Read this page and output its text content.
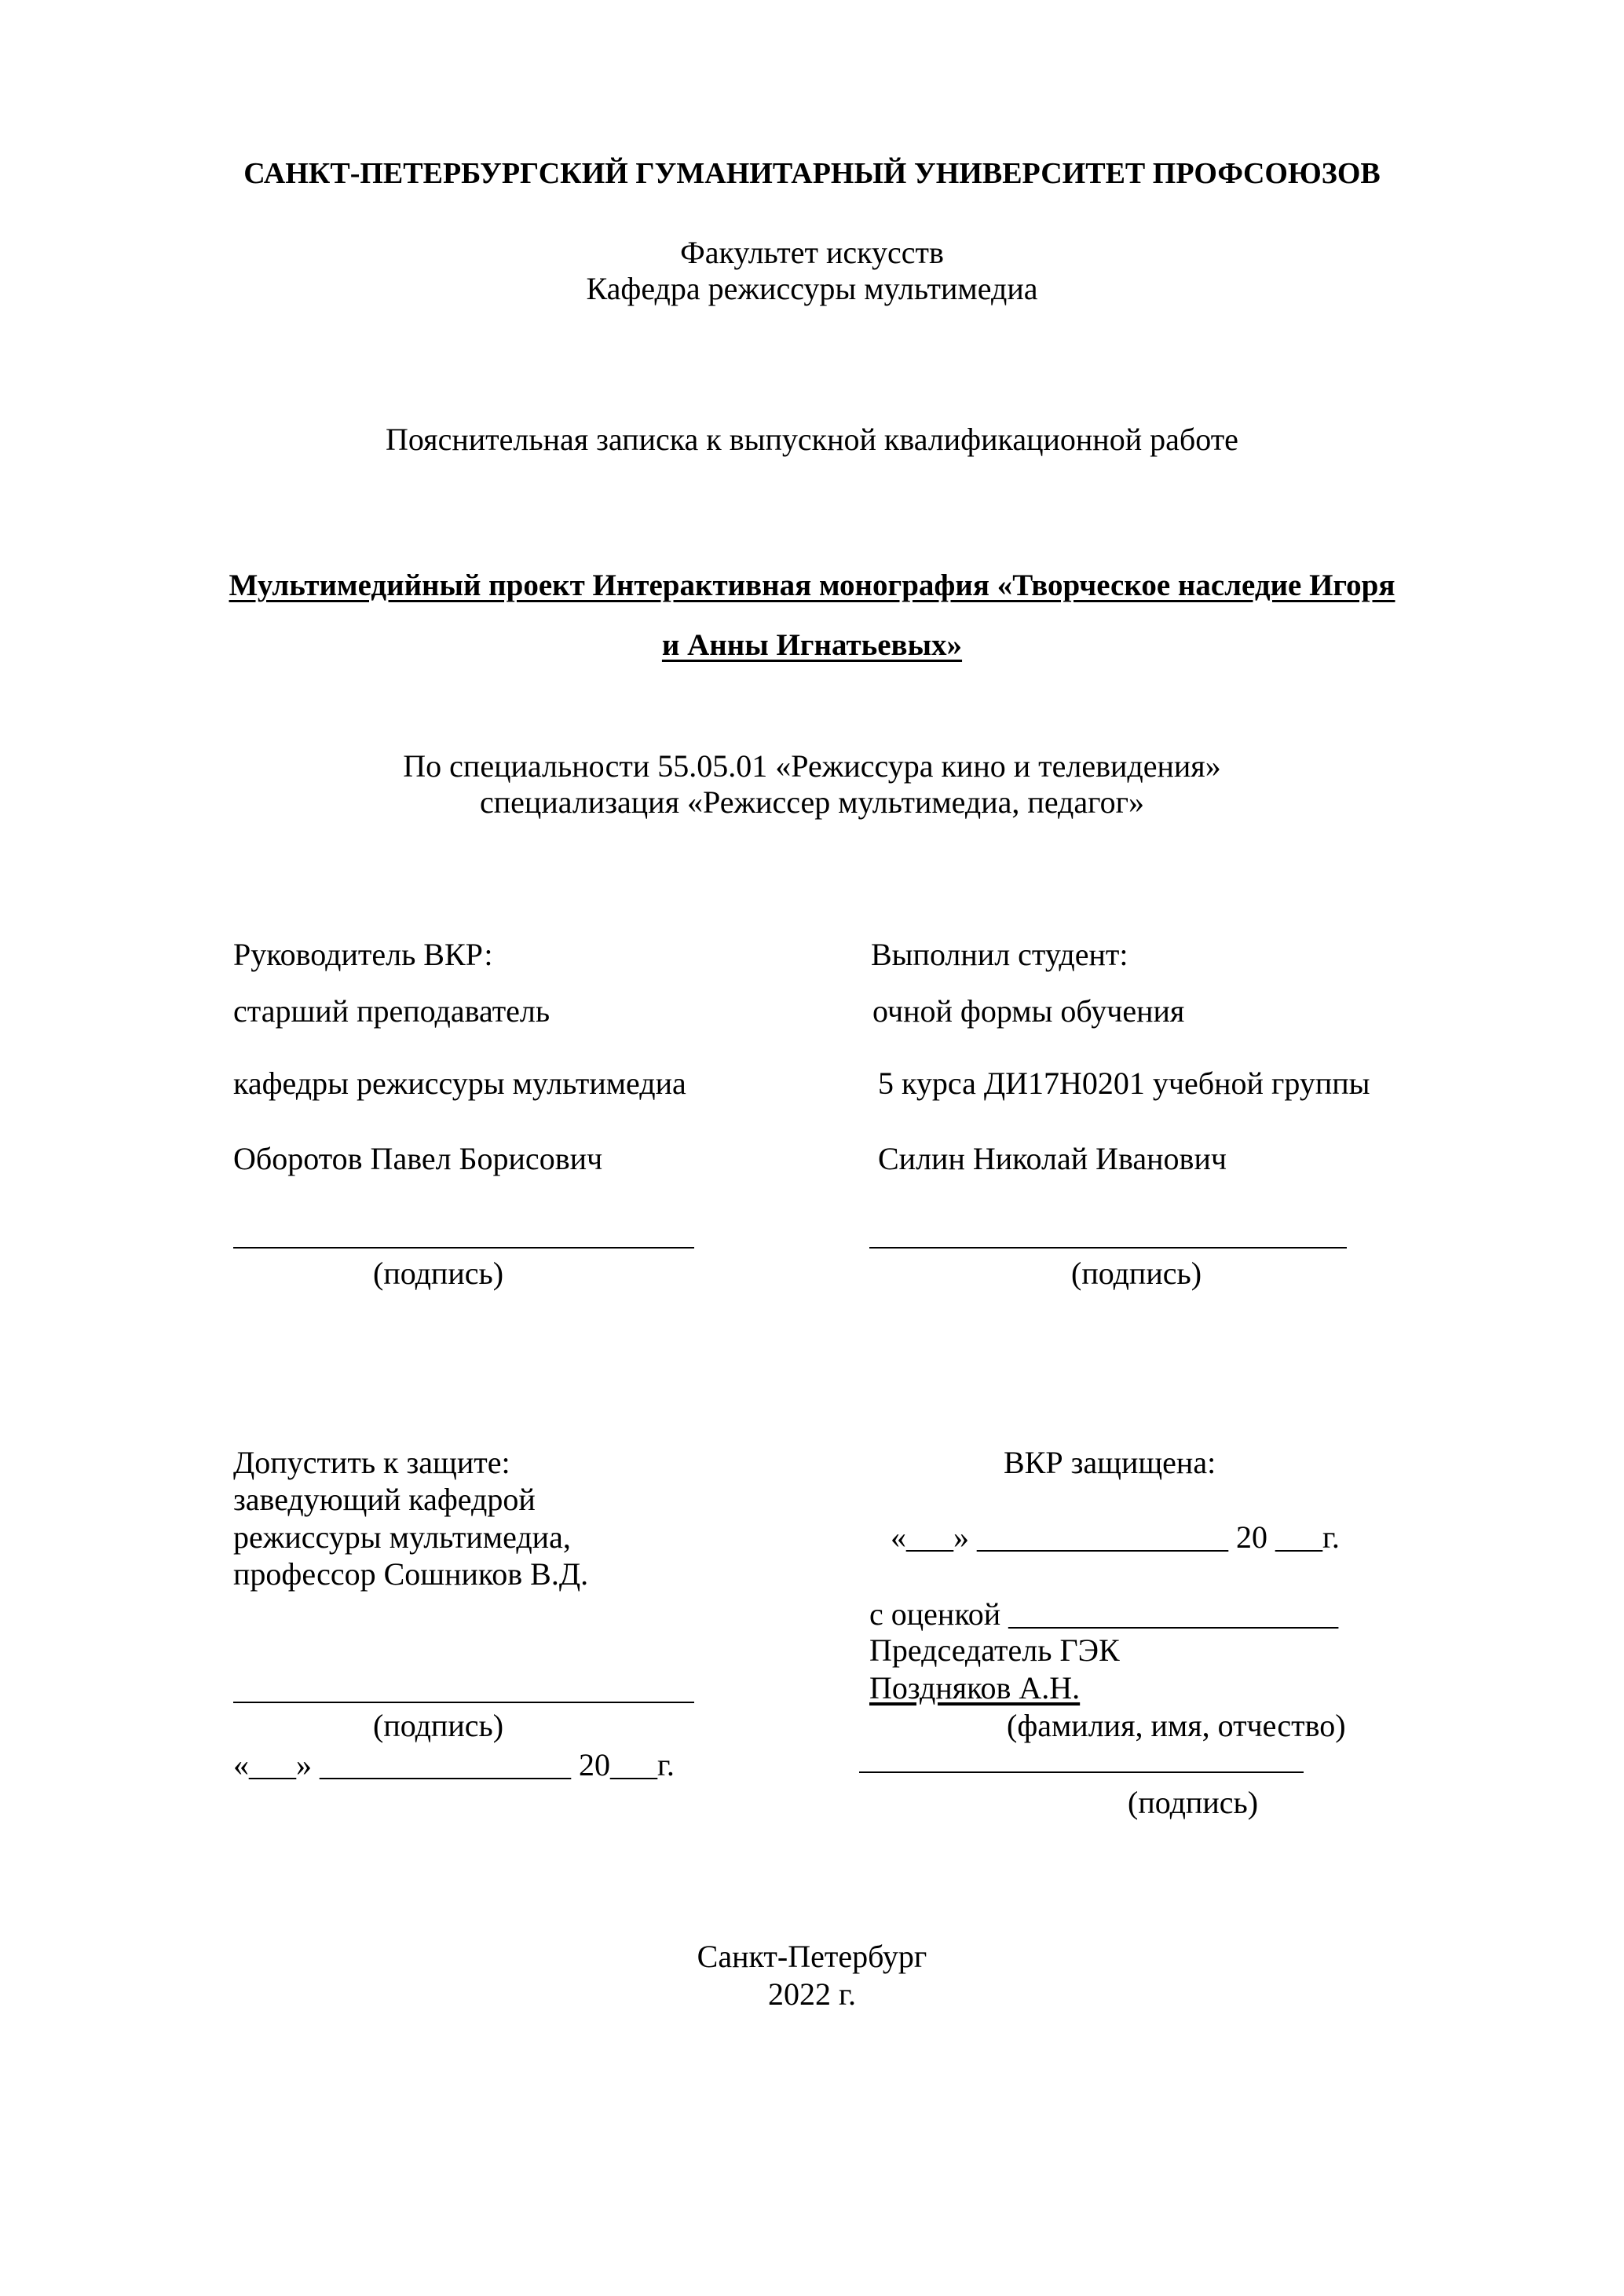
САНКТ-ПЕТЕРБУРГСКИЙ ГУМАНИТАРНЫЙ УНИВЕРСИТЕТ ПРОФСОЮЗОВ
Факультет искусств
Кафедра режиссуры мультимедиа
Пояснительная записка к выпускной квалификационной работе
Мультимедийный проект Интерактивная монография «Творческое наследие Игоря
и Анны Игнатьевых»
По специальности 55.05.01 «Режиссура кино и телевидения»
специализация «Режиссер мультимедиа, педагог»
Руководитель ВКР:
старший преподаватель
кафедры режиссуры мультимедиа
Оборотов Павел Борисович
(подпись)
Выполнил студент:
очной формы обучения
5 курса ДИ17Н0201 учебной группы
Силин Николай Иванович
(подпись)
Допустить к защите:
заведующий кафедрой
режиссуры мультимедиа,
профессор Сошников В.Д.
(подпись)
«___» ________________ 20___г.
ВКР защищена:
«___» ________________ 20 ___г.
с оценкой _____________________
Председатель ГЭК
Поздняков А.Н.
(фамилия, имя, отчество)
(подпись)
Санкт-Петербург
2022 г.
